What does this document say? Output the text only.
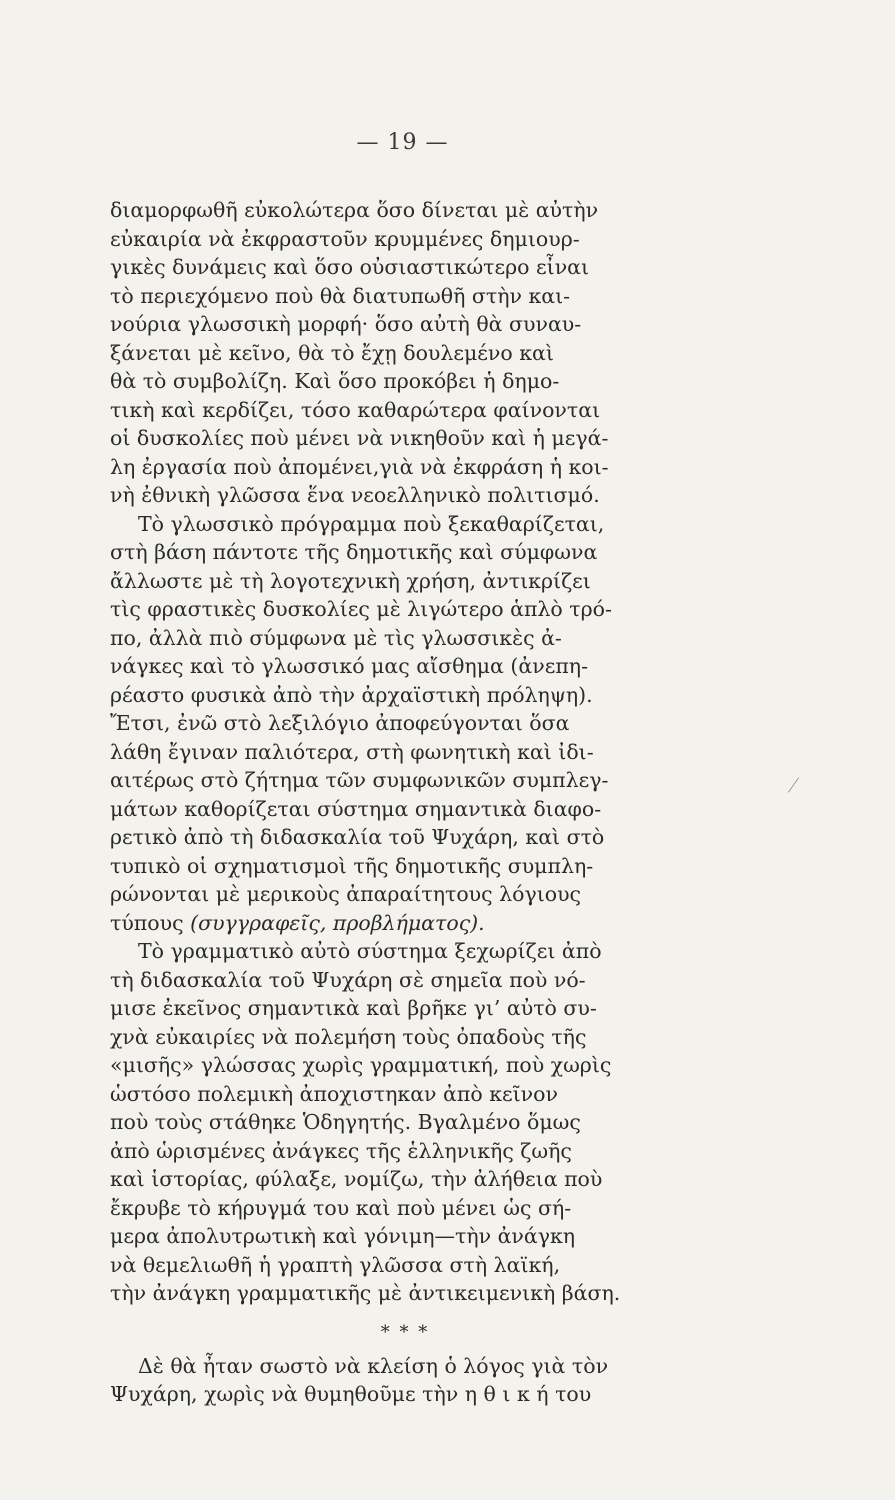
— 19 —
διαμορφωθῆ εὐκολώτερα ὅσο δίνεται μὲ αὐτὴν
εὐκαιρία νὰ ἐκφραστοῦν κρυμμένες δημιουρ-
γικὲς δυνάμεις καὶ ὅσο οὐσιαστικώτερο εἶναι
τὸ περιεχόμενο ποὺ θὰ διατυπωθῆ στὴν και-
νούρια γλωσσικὴ μορφή· ὅσο αὐτὴ θὰ συναυ-
ξάνεται μὲ κεῖνο, θὰ τὸ ἔχῃ δουλεμένο καὶ
θὰ τὸ συμβολίζη. Καὶ ὅσο προκόβει ἡ δημο-
τικὴ καὶ κερδίζει, τόσο καθαρώτερα φαίνονται
οἱ δυσκολίες ποὺ μένει νὰ νικηθοῦν καὶ ἡ μεγά-
λη ἐργασία ποὺ ἀπομένει,γιὰ νὰ ἐκφράση ἡ κοι-
νὴ ἐθνικὴ γλῶσσα ἕνα νεοελληνικὸ πολιτισμό.
Τὸ γλωσσικὸ πρόγραμμα ποὺ ξεκαθαρίζεται,
στὴ βάση πάντοτε τῆς δημοτικῆς καὶ σύμφωνα
ἄλλωστε μὲ τὴ λογοτεχνικὴ χρήση, ἀντικρίζει
τὶς φραστικὲς δυσκολίες μὲ λιγώτερο ἁπλὸ τρό-
πο, ἀλλὰ πιὸ σύμφωνα μὲ τὶς γλωσσικὲς ἀ-
νάγκες καὶ τὸ γλωσσικό μας αἴσθημα (ἀνεπη-
ρέαστο φυσικὰ ἀπὸ τὴν ἀρχαϊστικὴ πρόληψη).
Ἔτσι, ἐνῶ στὸ λεξιλόγιο ἀποφεύγονται ὅσα
λάθη ἔγιναν παλιότερα, στὴ φωνητικὴ καὶ ἰδι-
αιτέρως στὸ ζήτημα τῶν συμφωνικῶν συμπλεγ-
μάτων καθορίζεται σύστημα σημαντικὰ διαφο-
ρετικὸ ἀπὸ τὴ διδασκαλία τοῦ Ψυχάρη, καὶ στὸ
τυπικὸ οἱ σχηματισμοὶ τῆς δημοτικῆς συμπλη-
ρώνονται μὲ μερικοὺς ἀπαραίτητους λόγιους
τύπους (συγγραφεῖς, προβλήματος).
Τὸ γραμματικὸ αὐτὸ σύστημα ξεχωρίζει ἀπὸ
τὴ διδασκαλία τοῦ Ψυχάρη σὲ σημεῖα ποὺ νό-
μισε ἐκεῖνος σημαντικὰ καὶ βρῆκε γι’ αὐτὸ συ-
χνὰ εὐκαιρίες νὰ πολεμήση τοὺς ὀπαδοὺς τῆς
«μισῆς» γλώσσας χωρὶς γραμματική, ποὺ χωρὶς
ὡστόσο πολεμικὴ ἀποχιστηκαν ἀπὸ κεῖνον
ποὺ τοὺς στάθηκε Ὁδηγητής. Βγαλμένο ὅμως
ἀπὸ ὡρισμένες ἀνάγκες τῆς ἑλληνικῆς ζωῆς
καὶ ἱστορίας, φύλαξε, νομίζω, τὴν ἀλήθεια ποὺ
ἔκρυβε τὸ κήρυγμά του καὶ ποὺ μένει ὡς σή-
μερα ἀπολυτρωτικὴ καὶ γόνιμη—τὴν ἀνάγκη
νὰ θεμελιωθῆ ἡ γραπτὴ γλῶσσα στὴ λαϊκή,
τὴν ἀνάγκη γραμματικῆς μὲ ἀντικειμενικὴ βάση.
* * *
Δὲ θὰ ἦταν σωστὸ νὰ κλείση ὁ λόγος γιὰ τὸν
Ψυχάρη, χωρὶς νὰ θυμηθοῦμε τὴν η θ ι κ ή του
